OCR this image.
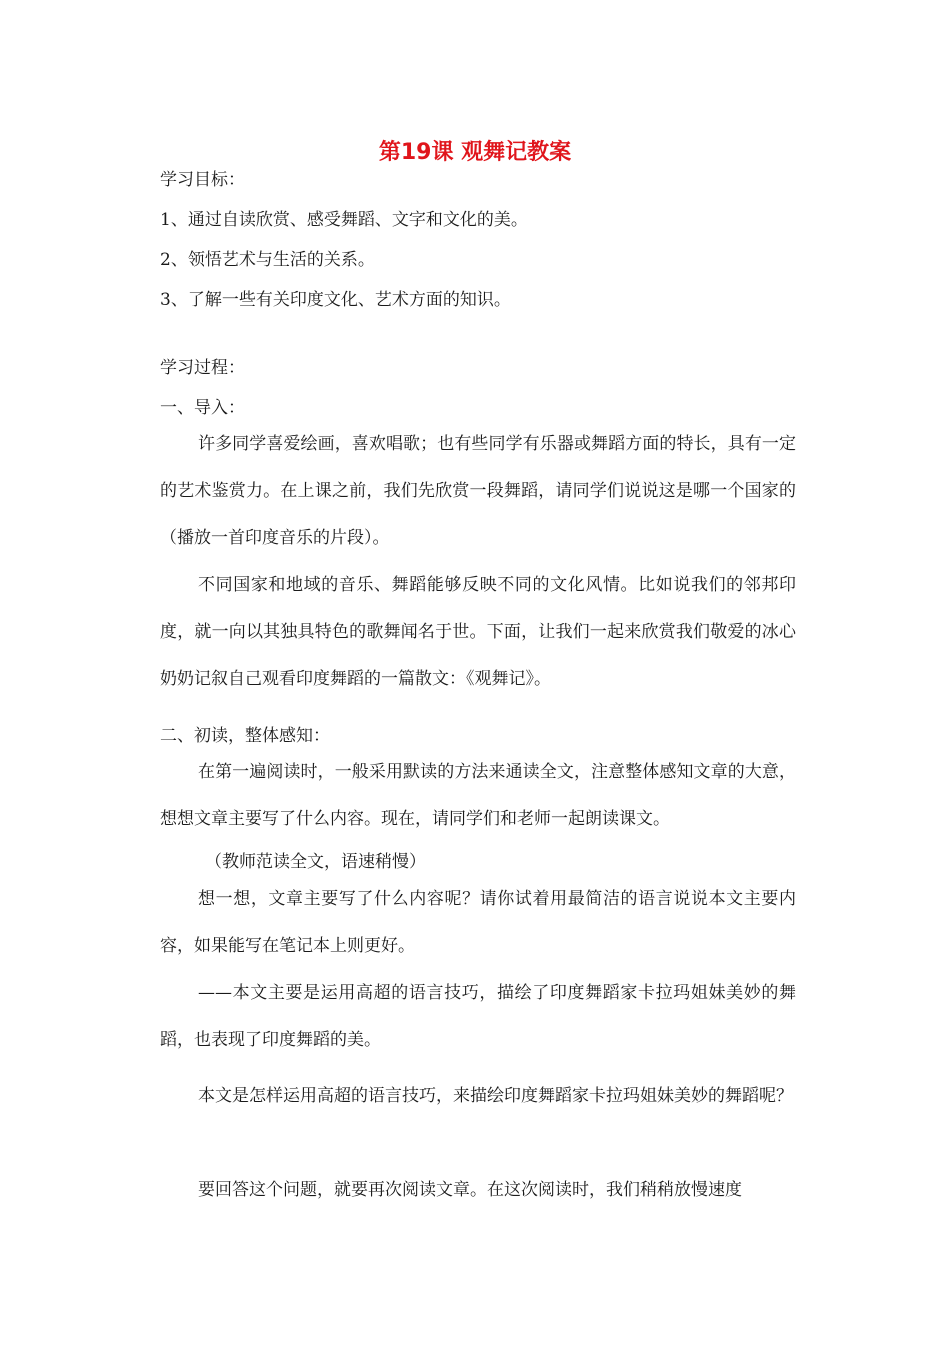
第19课 观舞记教案

学习目标：

1、通过自读欣赏、感受舞蹈、文字和文化的美。

2、领悟艺术与生活的关系。

3、了解一些有关印度文化、艺术方面的知识。

学习过程：

一、导入：

许多同学喜爱绘画，喜欢唱歌；也有些同学有乐器或舞蹈方面的特长，具有一定的艺术鉴赏力。在上课之前，我们先欣赏一段舞蹈，请同学们说说这是哪一个国家的（播放一首印度音乐的片段）。

不同国家和地域的音乐、舞蹈能够反映不同的文化风情。比如说我们的邻邦印度，就一向以其独具特色的歌舞闻名于世。下面，让我们一起来欣赏我们敬爱的冰心奶奶记叙自己观看印度舞蹈的一篇散文：《观舞记》。

二、初读，整体感知：

在第一遍阅读时，一般采用默读的方法来通读全文，注意整体感知文章的大意，想想文章主要写了什么内容。现在，请同学们和老师一起朗读课文。

（教师范读全文，语速稍慢）

想一想，文章主要写了什么内容呢？请你试着用最简洁的语言说说本文主要内容，如果能写在笔记本上则更好。

——本文主要是运用高超的语言技巧，描绘了印度舞蹈家卡拉玛姐妹美妙的舞蹈，也表现了印度舞蹈的美。

本文是怎样运用高超的语言技巧，来描绘印度舞蹈家卡拉玛姐妹美妙的舞蹈呢？

要回答这个问题，就要再次阅读文章。在这次阅读时，我们稍稍放慢速度
